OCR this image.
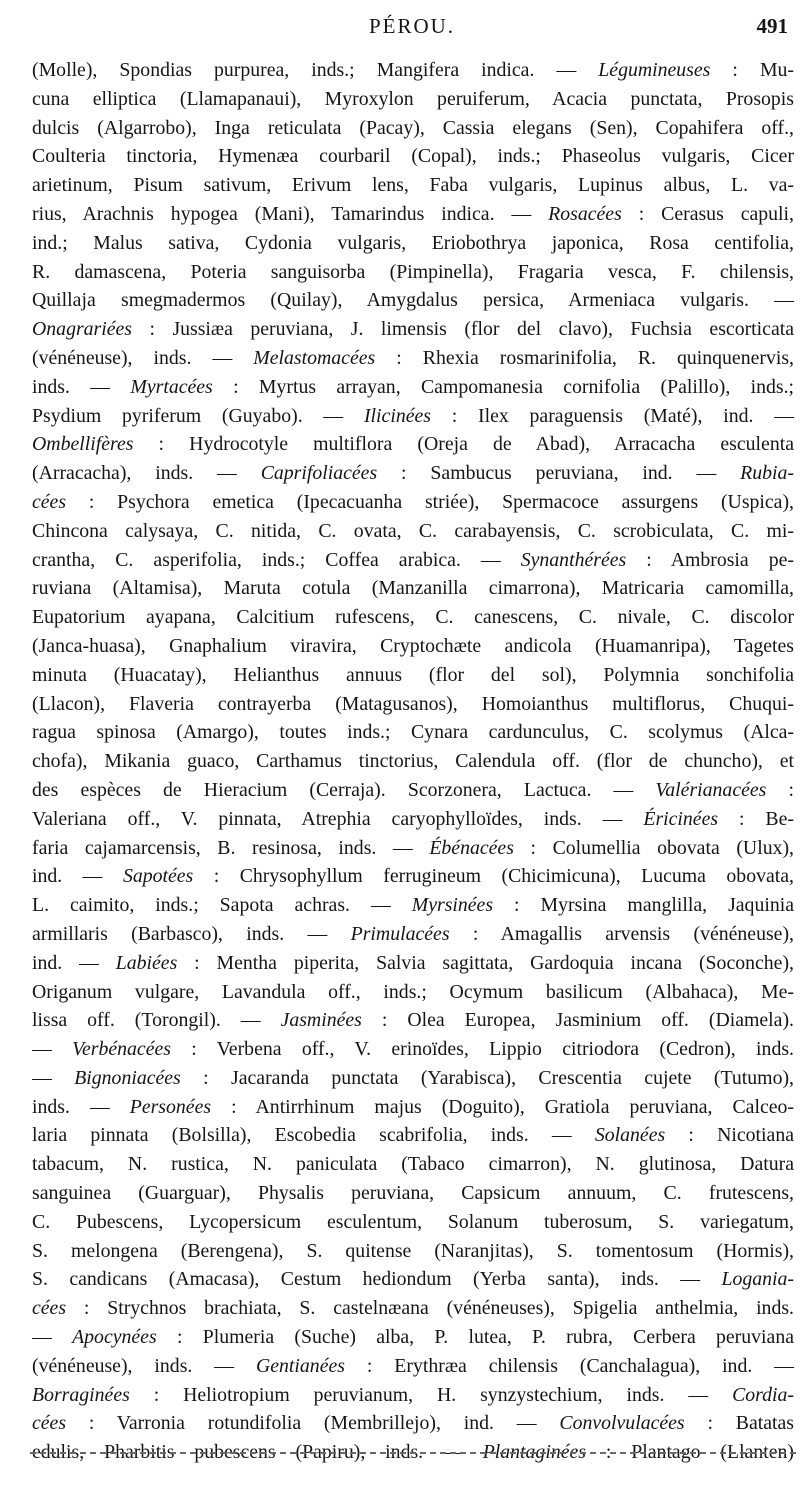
PÉROU.	491
(Molle), Spondias purpurea, inds.; Mangifera indica. — Légumineuses : Mu-
cuna elliptica (Llamapanaui), Myroxylon peruiferum, Acacia punctata, Prosopis
dulcis (Algarrobo), Inga reticulata (Pacay), Cassia elegans (Sen), Copahifera off.,
Coulteria tinctoria, Hymenæa courbaril (Copal), inds.; Phaseolus vulgaris, Cicer
arietinum, Pisum sativum, Erivum lens, Faba vulgaris, Lupinus albus, L. va-
rius, Arachnis hypogea (Mani), Tamarindus indica. — Rosacées : Cerasus capuli,
ind.; Malus sativa, Cydonia vulgaris, Eriobothrya japonica, Rosa centifolia,
R. damascena, Poteria sanguisorba (Pimpinella), Fragaria vesca, F. chilensis,
Quillaja smegmadermos (Quilay), Amygdalus persica, Armeniaca vulgaris. —
Onagrariées : Jussiæa peruviana, J. limensis (flor del clavo), Fuchsia escorticata
(vénéneuse), inds. — Melastomacées : Rhexia rosmarinifolia, R. quinquenervis,
inds. — Myrtacées : Myrtus arrayan, Campomanesia cornifolia (Palillo), inds.;
Psydium pyriferum (Guyabo). — Ilicinées : Ilex paraguensis (Maté), ind. —
Ombellifères : Hydrocotyle multiflora (Oreja de Abad), Arracacha esculenta
(Arracacha), inds. — Caprifoliacées : Sambucus peruviana, ind. — Rubia-
cées : Psychora emetica (Ipecacuanha striée), Spermacoce assurgens (Uspica),
Chincona calysaya, C. nitida, C. ovata, C. carabayensis, C. scrobiculata, C. mi-
crantha, C. asperifolia, inds.; Coffea arabica. — Synanthérées : Ambrosia pe-
ruviana (Altamisa), Maruta cotula (Manzanilla cimarrona), Matricaria camomilla,
Eupatorium ayapana, Calcitium rufescens, C. canescens, C. nivale, C. discolor
(Janca-huasa), Gnaphalium viravira, Cryptochæte andicola (Huamanripa), Tagetes
minuta (Huacatay), Helianthus annuus (flor del sol), Polymnia sonchifolia
(Llacon), Flaveria contrayerba (Matagusanos), Homoianthus multiflorus, Chuqui-
ragua spinosa (Amargo), toutes inds.; Cynara cardunculus, C. scolymus (Alca-
chofa), Mikania guaco, Carthamus tinctorius, Calendula off. (flor de chuncho), et
des espèces de Hieracium (Cerraja). Scorzonera, Lactuca. — Valérianacées :
Valeriana off., V. pinnata, Atrephia caryophylloïdes, inds. — Éricinées : Be-
faria cajamarcensis, B. resinosa, inds. — Ébénacées : Columellia obovata (Ulux),
ind. — Sapotées : Chrysophyllum ferrugineum (Chicimicuna), Lucuma obovata,
L. caimito, inds.; Sapota achras. — Myrsinées : Myrsina manglilla, Jaquinia
armillaris (Barbasco), inds. — Primulacées : Amagallis arvensis (vénéneuse),
ind. — Labiées : Mentha piperita, Salvia sagittata, Gardoquia incana (Soconche),
Origanum vulgare, Lavandula off., inds.; Ocymum basilicum (Albahaca), Me-
lissa off. (Torongil). — Jasminées : Olea Europea, Jasminium off. (Diamela).
— Verbénacées : Verbena off., V. erinoïdes, Lippio citriodora (Cedron), inds.
— Bignoniacées : Jacaranda punctata (Yarabisca), Crescentia cujete (Tutumo),
inds. — Personées : Antirrhinum majus (Doguito), Gratiola peruviana, Calceo-
laria pinnata (Bolsilla), Escobedia scabrifolia, inds. — Solanées : Nicotiana
tabacum, N. rustica, N. paniculata (Tabaco cimarron), N. glutinosa, Datura
sanguinea (Guarguar), Physalis peruviana, Capsicum annuum, C. frutescens,
C. Pubescens, Lycopersicum esculentum, Solanum tuberosum, S. variegatum,
S. melongena (Berengena), S. quitense (Naranjitas), S. tomentosum (Hormis),
S. candicans (Amacasa), Cestum hediondum (Yerba santa), inds. — Logania-
cées : Strychnos brachiata, S. castelnæana (vénéneuses), Spigelia anthelmia, inds.
— Apocynées : Plumeria (Suche) alba, P. lutea, P. rubra, Cerbera peruviana
(vénéneuse), inds. — Gentianées : Erythræa chilensis (Canchalagua), ind. —
Borraginées : Heliotropium peruvianum, H. synzystechium, inds. — Cordia-
cées : Varronia rotundifolia (Membrillejo), ind. — Convolvulacées : Batatas
edulis, Pharbitis pubescens (Papiru), inds. — Plantaginées : Plantago (Llanten)
